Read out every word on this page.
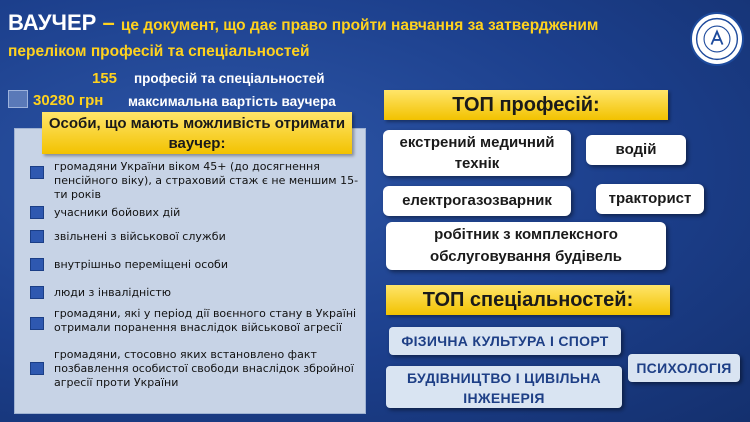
ВАУЧЕР – це документ, що дає право пройти навчання за затвердженим переліком професій та спеціальностей
155 професій та спеціальностей
30280 грн максимальна вартість ваучера
Особи, що мають можливість отримати ваучер:
громадяни України віком 45+ (до досягнення пенсійного віку), а страховий стаж є не меншим 15-ти років
учасники бойових дій
звільнені з військової служби
внутрішньо переміщені особи
люди з інвалідністю
громадяни, які у період дії воєнного стану в Україні отримали поранення внаслідок військової агресії
громадяни, стосовно яких встановлено факт позбавлення особистої свободи внаслідок збройної агресії проти України
ТОП професій:
екстрений медичний технік
водій
електрогазозварник	тракторист
робітник з комплексного обслуговування будівель
ТОП спеціальностей:
ФІЗИЧНА КУЛЬТУРА І СПОРТ
ПСИХОЛОГІЯ
БУДІВНИЦТВО І ЦИВІЛЬНА ІНЖЕНЕРІЯ
